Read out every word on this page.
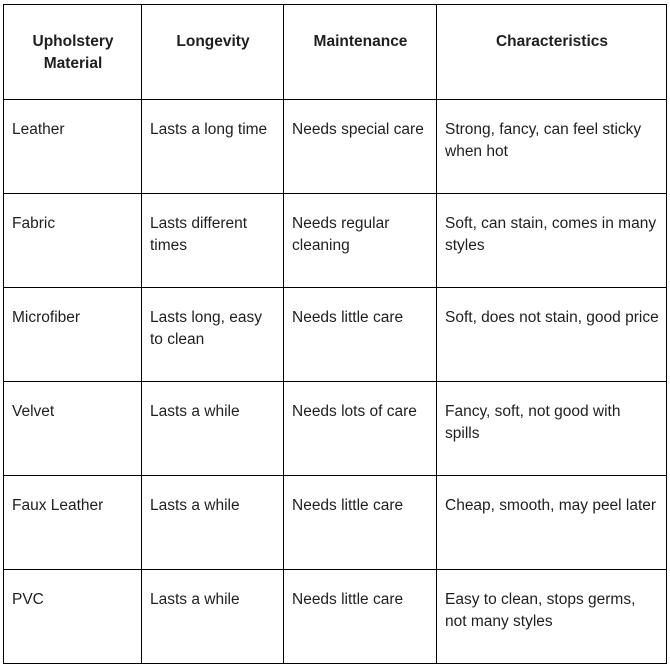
Upholstery Material	Longevity	Maintenance	Characteristics
Leather	Lasts a long time	Needs special care	Strong, fancy, can feel sticky when hot
Fabric	Lasts different times	Needs regular cleaning	Soft, can stain, comes in many styles
Microfiber	Lasts long, easy to clean	Needs little care	Soft, does not stain, good price
Velvet	Lasts a while	Needs lots of care	Fancy, soft, not good with spills
Faux Leather	Lasts a while	Needs little care	Cheap, smooth, may peel later
PVC	Lasts a while	Needs little care	Easy to clean, stops germs, not many styles
